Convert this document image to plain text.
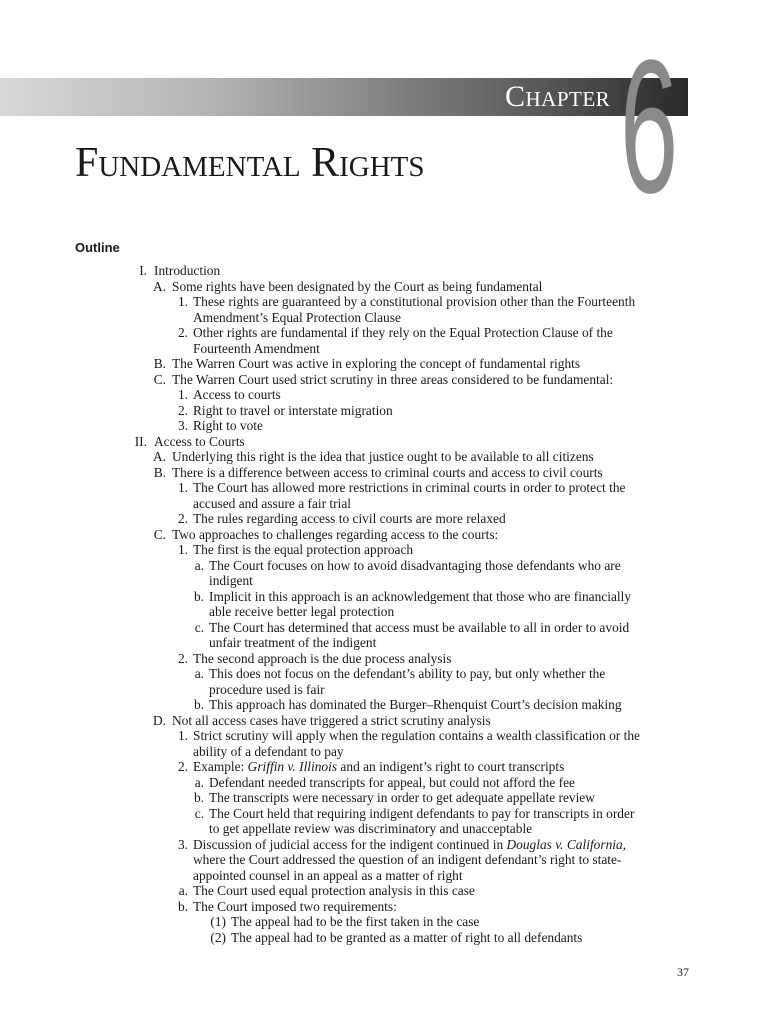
Chapter 6
Fundamental Rights
Outline
I. Introduction
A. Some rights have been designated by the Court as being fundamental
1. These rights are guaranteed by a constitutional provision other than the Fourteenth
Amendment’s Equal Protection Clause
2. Other rights are fundamental if they rely on the Equal Protection Clause of the
Fourteenth Amendment
B. The Warren Court was active in exploring the concept of fundamental rights
C. The Warren Court used strict scrutiny in three areas considered to be fundamental:
1. Access to courts
2. Right to travel or interstate migration
3. Right to vote
II. Access to Courts
A. Underlying this right is the idea that justice ought to be available to all citizens
B. There is a difference between access to criminal courts and access to civil courts
1. The Court has allowed more restrictions in criminal courts in order to protect the
accused and assure a fair trial
2. The rules regarding access to civil courts are more relaxed
C. Two approaches to challenges regarding access to the courts:
1. The first is the equal protection approach
a. The Court focuses on how to avoid disadvantaging those defendants who are
indigent
b. Implicit in this approach is an acknowledgement that those who are financially
able receive better legal protection
c. The Court has determined that access must be available to all in order to avoid
unfair treatment of the indigent
2. The second approach is the due process analysis
a. This does not focus on the defendant’s ability to pay, but only whether the
procedure used is fair
b. This approach has dominated the Burger–Rhenquist Court’s decision making
D. Not all access cases have triggered a strict scrutiny analysis
1. Strict scrutiny will apply when the regulation contains a wealth classification or the
ability of a defendant to pay
2. Example: Griffin v. Illinois and an indigent’s right to court transcripts
a. Defendant needed transcripts for appeal, but could not afford the fee
b. The transcripts were necessary in order to get adequate appellate review
c. The Court held that requiring indigent defendants to pay for transcripts in order
to get appellate review was discriminatory and unacceptable
3. Discussion of judicial access for the indigent continued in Douglas v. California,
where the Court addressed the question of an indigent defendant’s right to state-
appointed counsel in an appeal as a matter of right
a. The Court used equal protection analysis in this case
b. The Court imposed two requirements:
(1) The appeal had to be the first taken in the case
(2) The appeal had to be granted as a matter of right to all defendants
37
